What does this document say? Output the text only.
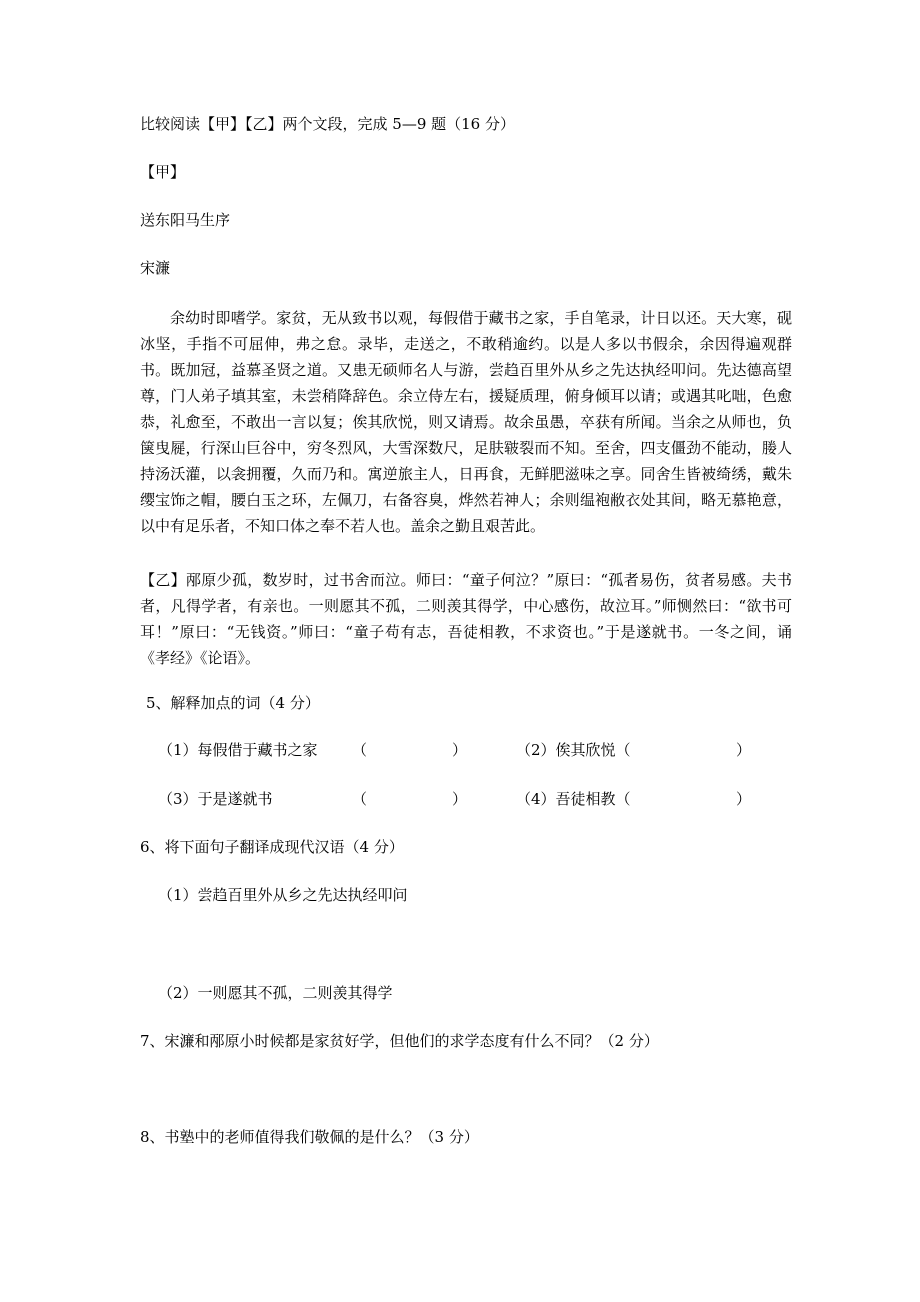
比较阅读【甲】【乙】两个文段，完成 5—9 题（16 分）
【甲】
送东阳马生序
宋濂
余幼时即嗜学。家贫，无从致书以观，每假借于藏书之家，手自笔录，计日以还。天大寒，砚冰坚，手指不可屈伸，弗之怠。录毕，走送之，不敢稍逾约。以是人多以书假余，余因得遍观群书。既加冠，益慕圣贤之道。又患无硕师名人与游，尝趋百里外从乡之先达执经叩问。先达德高望尊，门人弟子填其室，未尝稍降辞色。余立侍左右，援疑质理，俯身倾耳以请；或遇其叱咄，色愈恭，礼愈至，不敢出一言以复；俟其欣悦，则又请焉。故余虽愚，卒获有所闻。当余之从师也，负箧曳屣，行深山巨谷中，穷冬烈风，大雪深数尺，足肤皲裂而不知。至舍，四支僵劲不能动，媵人持汤沃灌，以衾拥覆，久而乃和。寓逆旅主人，日再食，无鲜肥滋味之享。同舍生皆被绮绣，戴朱缨宝饰之帽，腰白玉之环，左佩刀，右备容臭，烨然若神人；余则缊袍敝衣处其间，略无慕艳意，以中有足乐者，不知口体之奉不若人也。盖余之勤且艰苦此。
【乙】邴原少孤，数岁时，过书舍而泣。师曰：“童子何泣？”原曰：“孤者易伤，贫者易感。夫书者，凡得学者，有亲也。一则愿其不孤，二则羡其得学，中心感伤，故泣耳。”师恻然曰：“欲书可耳！”原曰：“无钱资。”师曰：“童子苟有志，吾徒相教，不求资也。”于是遂就书。一冬之间，诵《孝经》《论语》。
5、解释加点的词（4 分）
（1）每假借于藏书之家 （	）	（2）俟其欣悦（	）
（3）于是遂就书	（	）	（4）吾徒相教（	）
6、将下面句子翻译成现代汉语（4 分）
（1）尝趋百里外从乡之先达执经叩问
（2）一则愿其不孤，二则羡其得学
7、宋濂和邴原小时候都是家贫好学，但他们的求学态度有什么不同？（2 分）
8、书塾中的老师值得我们敬佩的是什么？（3 分）
